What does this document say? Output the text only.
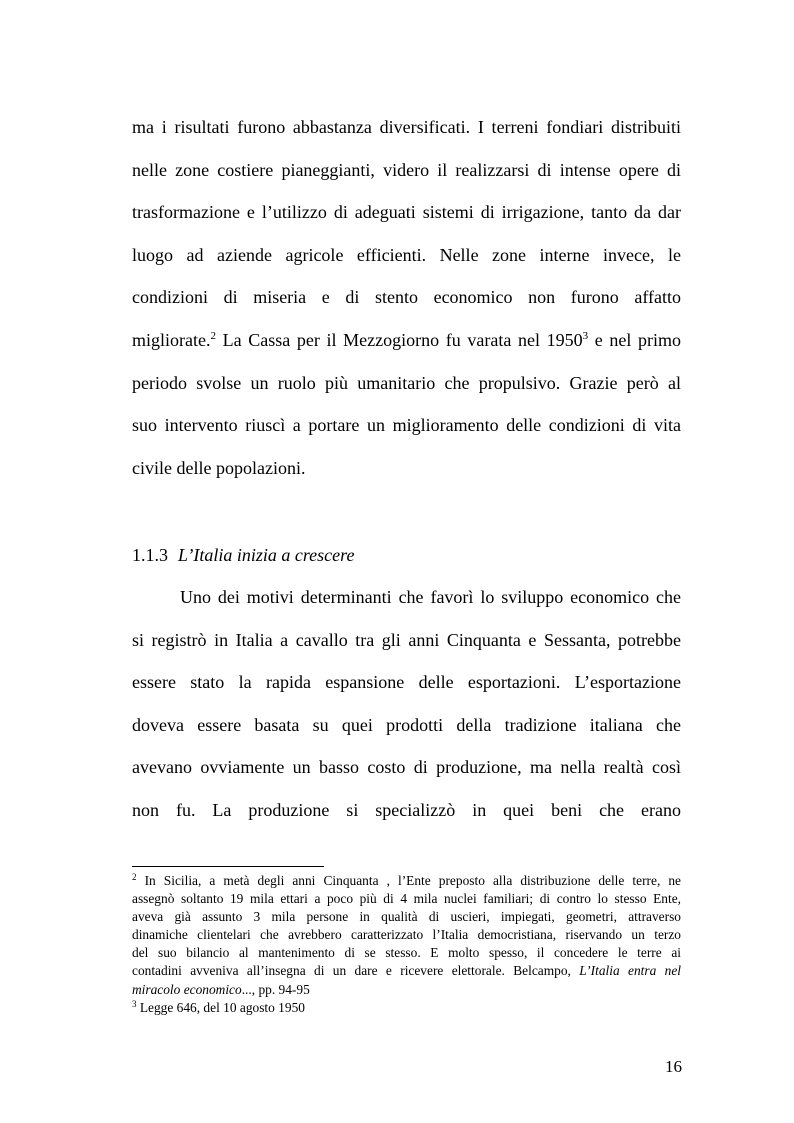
ma i risultati furono abbastanza diversificati. I terreni fondiari distribuiti
nelle zone costiere pianeggianti, videro il realizzarsi di intense opere di
trasformazione e l’utilizzo di adeguati sistemi di irrigazione, tanto da dar
luogo ad aziende agricole efficienti. Nelle zone interne invece, le
condizioni di miseria e di stento economico non furono affatto
migliorate.$^2$ La Cassa per il Mezzogiorno fu varata nel 1950$^3$ e nel primo
periodo svolse un ruolo più umanitario che propulsivo. Grazie però al
suo intervento riuscì a portare un miglioramento delle condizioni di vita
civile delle popolazioni.
1.1.3 L’Italia inizia a crescere
Uno dei motivi determinanti che favorì lo sviluppo economico che
si registrò in Italia a cavallo tra gli anni Cinquanta e Sessanta, potrebbe
essere stato la rapida espansione delle esportazioni. L’esportazione
doveva essere basata su quei prodotti della tradizione italiana che
avevano ovviamente un basso costo di produzione, ma nella realtà così
non fu. La produzione si specializzò in quei beni che erano
$^2$ In Sicilia, a metà degli anni Cinquanta , l’Ente preposto alla distribuzione delle terre, ne
assegnò soltanto 19 mila ettari a poco più di 4 mila nuclei familiari; di contro lo stesso Ente,
aveva già assunto 3 mila persone in qualità di uscieri, impiegati, geometri, attraverso
dinamiche clientelari che avrebbero caratterizzato l’Italia democristiana, riservando un terzo
del suo bilancio al mantenimento di se stesso. E molto spesso, il concedere le terre ai
contadini avveniva all’insegna di un dare e ricevere elettorale. Belcampo, L’Italia entra nel
miracolo economico..., pp. 94-95
$^3$ Legge 646, del 10 agosto 1950
16
